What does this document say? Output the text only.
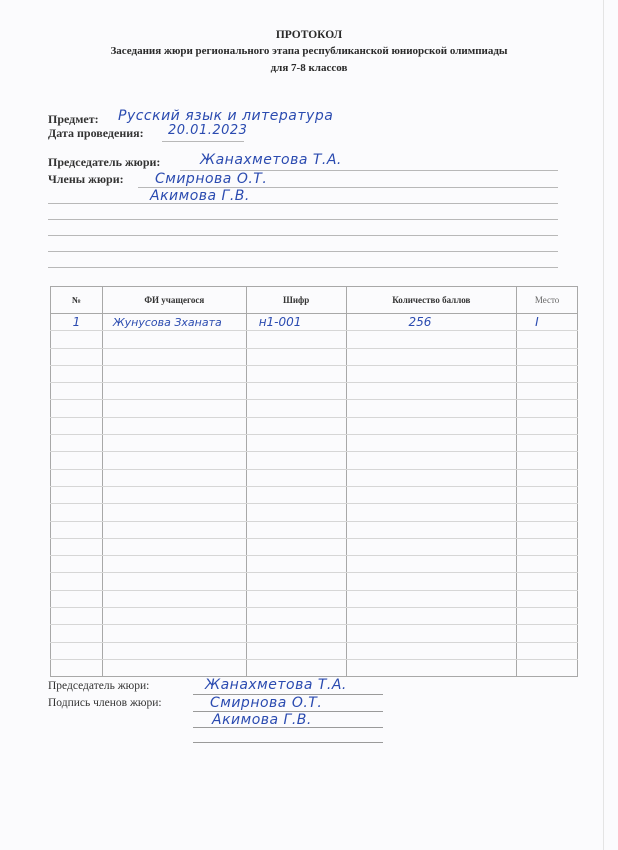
ПРОТОКОЛ
Заседания жюри регионального этапа республиканской юниорской олимпиады
для 7-8 классов
Предмет: Русский язык и литература
Дата проведения: 20.01.2023
Председатель жюри:	Жанахметова Т.А.
Члены жюри: Смирнова О.Т.
Акимова Г.В.
№	ФИ учащегося	Шифр	Количество баллов	Место
1	Жунусова Зханата	н1-001	256	I

Председатель жюри:	Жанахметова Т.А.
Подпись членов жюри:	Смирнова О.Т.
Акимова Г.В.
